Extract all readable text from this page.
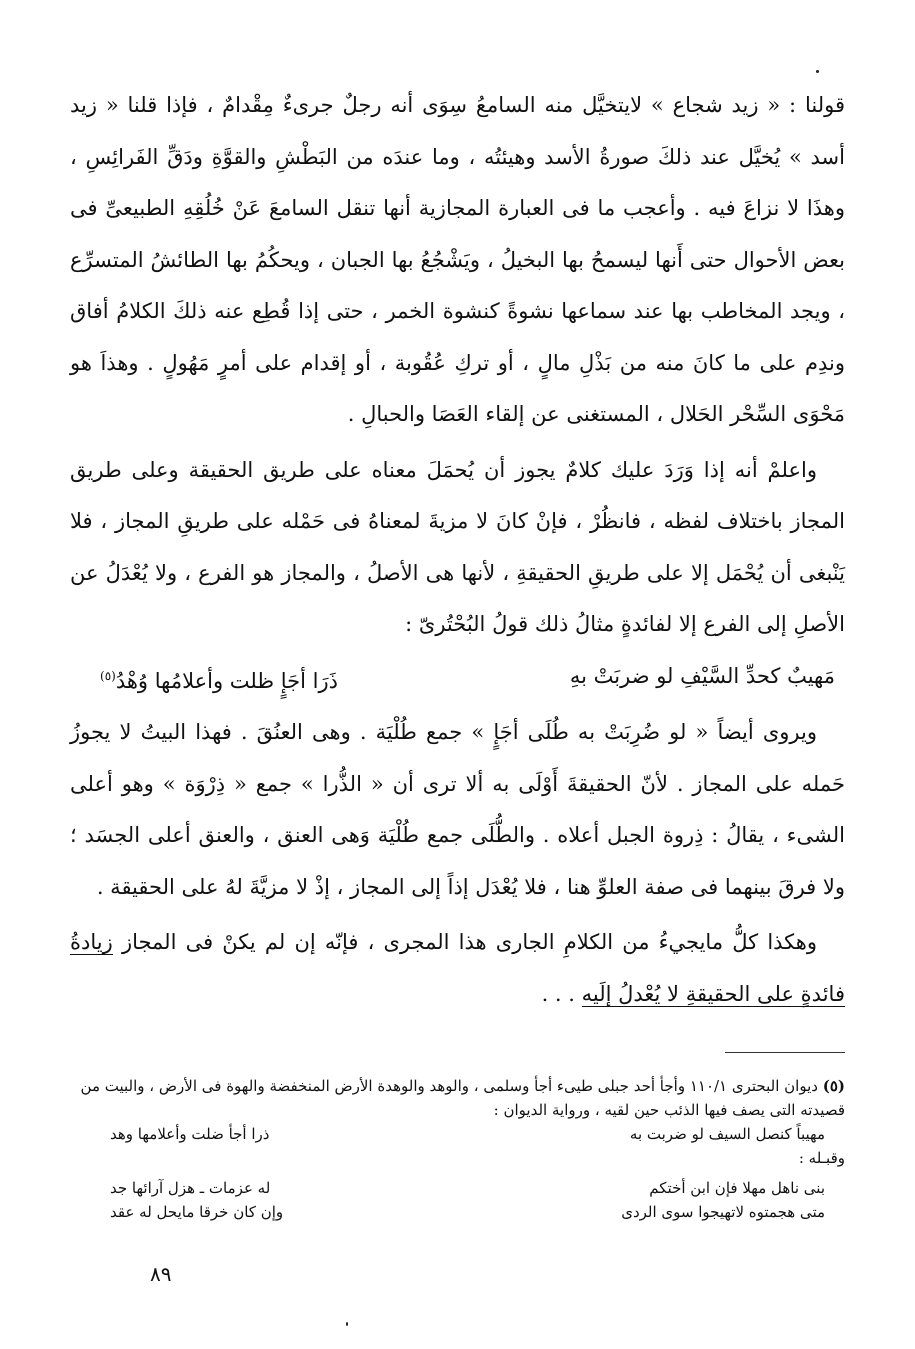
قولنا : « زيد شجاع » لايتخيَّل منه السامعُ سِوَى أنه رجلٌ جرىءٌ مِقْدامٌ ، فإذا قلنا « زيد أسد » يُخيَّل عند ذلكَ صورةُ الأسد وهيئتُه ، وما عندَه من البَطْشِ والقوَّةِ ودَقِّ الفَرائِسِ ، وهذَا لا نزاعَ فيه . وأعجب ما فى العبارة المجازية أنها تنقل السامعَ عَنْ خُلُقِهِ الطبيعىِّ فى بعض الأحوال حتى أَنها ليسمحُ بها البخيلُ ، ويَشْجُعُ بها الجبان ، ويحكُمُ بها الطائشُ المتسرِّع ، ويجد المخاطب بها عند سماعها نشوةً كنشوة الخمر ، حتى إذا قُطِع عنه ذلكَ الكلامُ أفاق وندِم على ما كانَ منه من بَذْلِ مالٍ ، أو تركِ عُقُوبة ، أو إقدام على أمرٍ مَهُولٍ . وهذاَ هو مَحْوَى السِّحْر الحَلال ، المستغنى عن إلقاء العَصَا والحبالِ .

واعلمْ أنه إذا وَرَدَ عليك كلامٌ يجوز أن يُحمَلَ معناه على طريق الحقيقة وعلى طريق المجاز باختلاف لفظه ، فانظُرْ ، فإنْ كانَ لا مزيةَ لمعناهُ فى حَمْله على طريقِ المجاز ، فلا يَنْبغى أن يُحْمَل إلا على طريقِ الحقيقةِ ، لأنها هى الأصلُ ، والمجاز هو الفرع ، ولا يُعْدَلُ عن الأصلِ إلى الفرع إلا لفائدةٍ مثالُ ذلك قولُ البُحْتُرىّ :

مَهيبٌ كحدِّ السَّيْفِ لو ضربَتْ بهِ
ذَرَا أجَإٍ ظلت وأعلامُها وُهْدُ$^{(٥)}$

ويروى أيضاً « لو ضُرِبَتْ به طُلَى أجَإٍ » جمع طُلْيَة . وهى العنُقَ . فهذا البيتُ لا يجوزُ حَمله على المجاز . لأنّ الحقيقةَ أَوْلَى به ألا ترى أن « الذُّرا » جمع « ذِرْوَة » وهو أعلى الشىء ، يقالُ : ذِروة الجبل أعلاه . والطُّلَى جمع طُلْيَة وَهى العنق ، والعنق أعلى الجسَد ؛ ولا فرقَ بينهما فى صفة العلوِّ هنا ، فلا يُعْدَل إذاً إلى المجاز ، إذْ لا مزيَّةَ لهُ على الحقيقة .

وهكذا كلُّ مايجيءُ من الكلامِ الجارى هذا المجرى ، فإنّه إن لم يكنْ فى المجاز زيادةُ فائدةٍ على الحقيقةِ لا يُعْدلُ إلَيه . . .

(٥) ديوان البحترى ١١٠/١ وأجأ أحد جبلى طيىء أجأ وسلمى ، والوهد والوهدة الأرض المنخفضة والهوة فى الأرض ، والبيت من قصيدته التى يصف فيها الذئب حين لقيه ، ورواية الديوان :

مهيباً كنصل السيف لو ضربت به
ذرا أجأ ضلت وأعلامها وهد

وقبـله :

بنى ناهل مهلا فإن ابن أختكم
له عزمات ـ هزل آرائها جد
متى هجمتوه لاتهيجوا سوى الردى
وإن كان خرقا مايحل له عقد
٨٩
